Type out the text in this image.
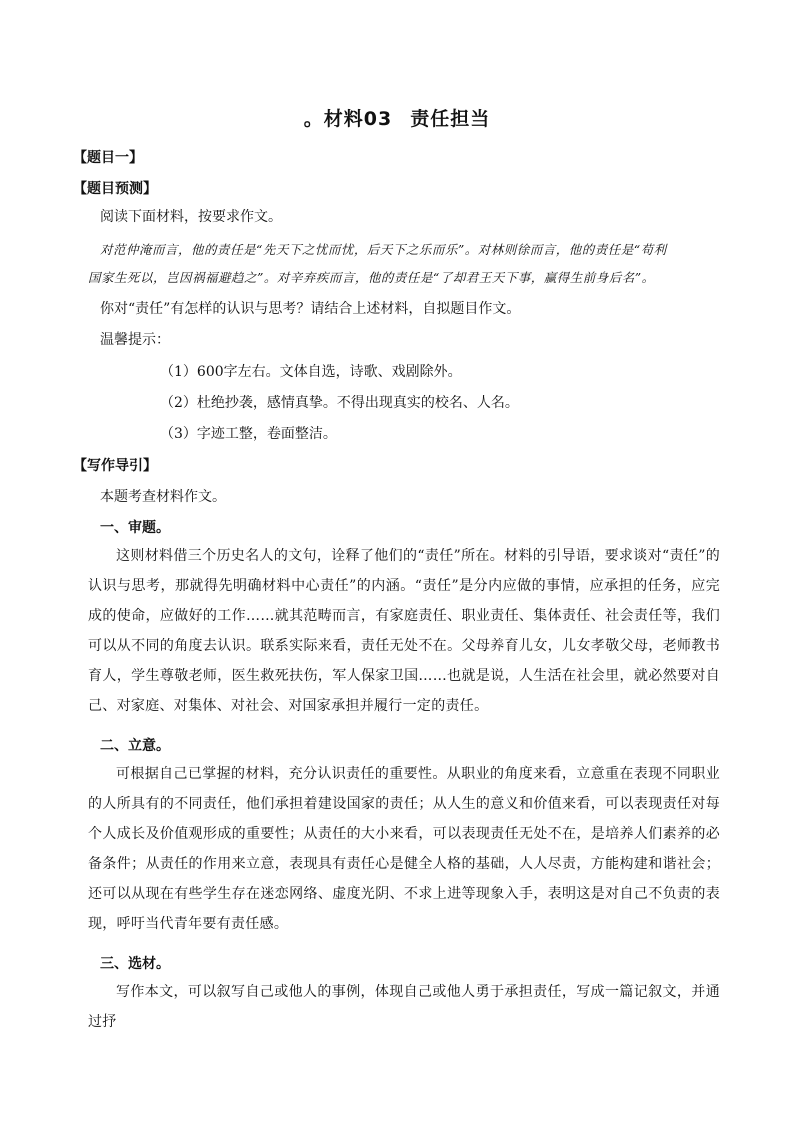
。材料03 责任担当
【题目一】
【题目预测】
阅读下面材料，按要求作文。
对范仲淹而言，他的责任是“先天下之忧而忧，后天下之乐而乐”。对林则徐而言，他的责任是“苟利
国家生死以，岂因祸福避趋之”。对辛弃疾而言，他的责任是“了却君王天下事，赢得生前身后名”。
你对“责任”有怎样的认识与思考？请结合上述材料，自拟题目作文。
温馨提示：
（1）600字左右。文体自选，诗歌、戏剧除外。
（2）杜绝抄袭，感情真挚。不得出现真实的校名、人名。
（3）字迹工整，卷面整洁。
【写作导引】
本题考查材料作文。
一、审题。
这则材料借三个历史名人的文句，诠释了他们的“责任”所在。材料的引导语，要求谈对“责任”的认识与思考，那就得先明确材料中心责任”的内涵。“责任”是分内应做的事情，应承担的任务，应完成的使命，应做好的工作……就其范畴而言，有家庭责任、职业责任、集体责任、社会责任等，我们可以从不同的角度去认识。联系实际来看，责任无处不在。父母养育儿女，儿女孝敬父母，老师教书育人，学生尊敬老师，医生救死扶伤，军人保家卫国……也就是说，人生活在社会里，就必然要对自己、对家庭、对集体、对社会、对国家承担并履行一定的责任。
二、立意。
可根据自己已掌握的材料，充分认识责任的重要性。从职业的角度来看，立意重在表现不同职业的人所具有的不同责任，他们承担着建设国家的责任；从人生的意义和价值来看，可以表现责任对每个人成长及价值观形成的重要性；从责任的大小来看，可以表现责任无处不在，是培养人们素养的必备条件；从责任的作用来立意，表现具有责任心是健全人格的基础，人人尽责，方能构建和谐社会；还可以从现在有些学生存在迷恋网络、虚度光阴、不求上进等现象入手，表明这是对自己不负责的表现，呼吁当代青年要有责任感。
三、选材。
写作本文，可以叙写自己或他人的事例，体现自己或他人勇于承担责任，写成一篇记叙文，并通过抒
